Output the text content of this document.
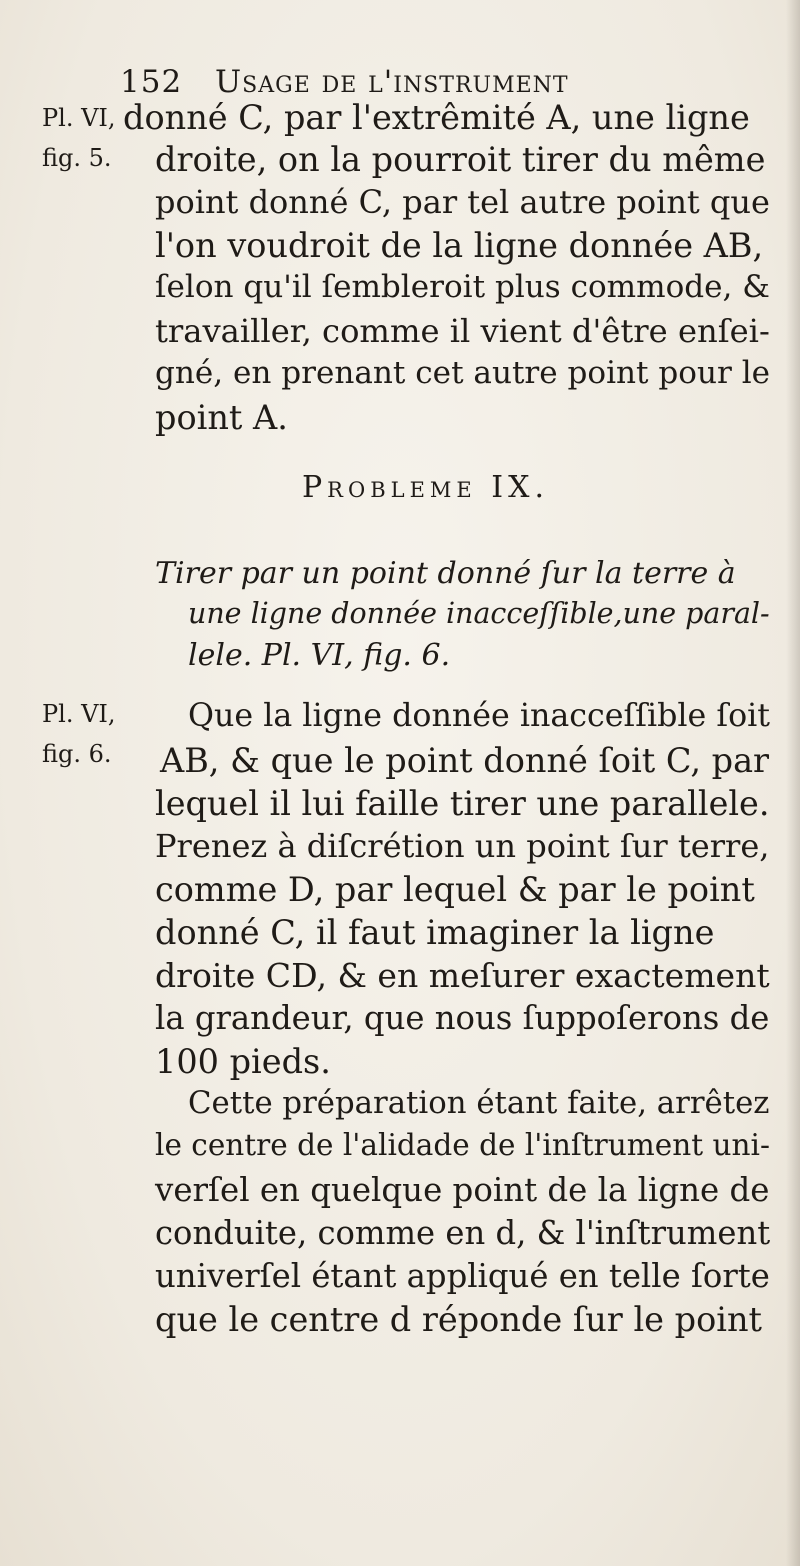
152 Usage de l'instrument
Pl. VI,
fig. 5.
Pl. VI,
fig. 6.
donné C, par l'extrêmité A, une ligne
droite, on la pourroit tirer du même
point donné C, par tel autre point que
l'on voudroit de la ligne donnée AB,
ſelon qu'il ſembleroit plus commode, &
travailler, comme il vient d'être enſei-
gné, en prenant cet autre point pour le
point A.
Probleme IX.
Tirer par un point donné ſur la terre à
une ligne donnée inacceſſible,une paral-
lele. Pl. VI, fig. 6.
Que la ligne donnée inacceſſible ſoit
AB, & que le point donné ſoit C, par
lequel il lui faille tirer une parallele.
Prenez à diſcrétion un point ſur terre,
comme D, par lequel & par le point
donné C, il faut imaginer la ligne
droite CD, & en meſurer exactement
la grandeur, que nous ſuppoſerons de
100 pieds.
Cette préparation étant faite, arrêtez
le centre de l'alidade de l'inſtrument uni-
verſel en quelque point de la ligne de
conduite, comme en d, & l'inſtrument
univerſel étant appliqué en telle ſorte
que le centre d réponde ſur le point
